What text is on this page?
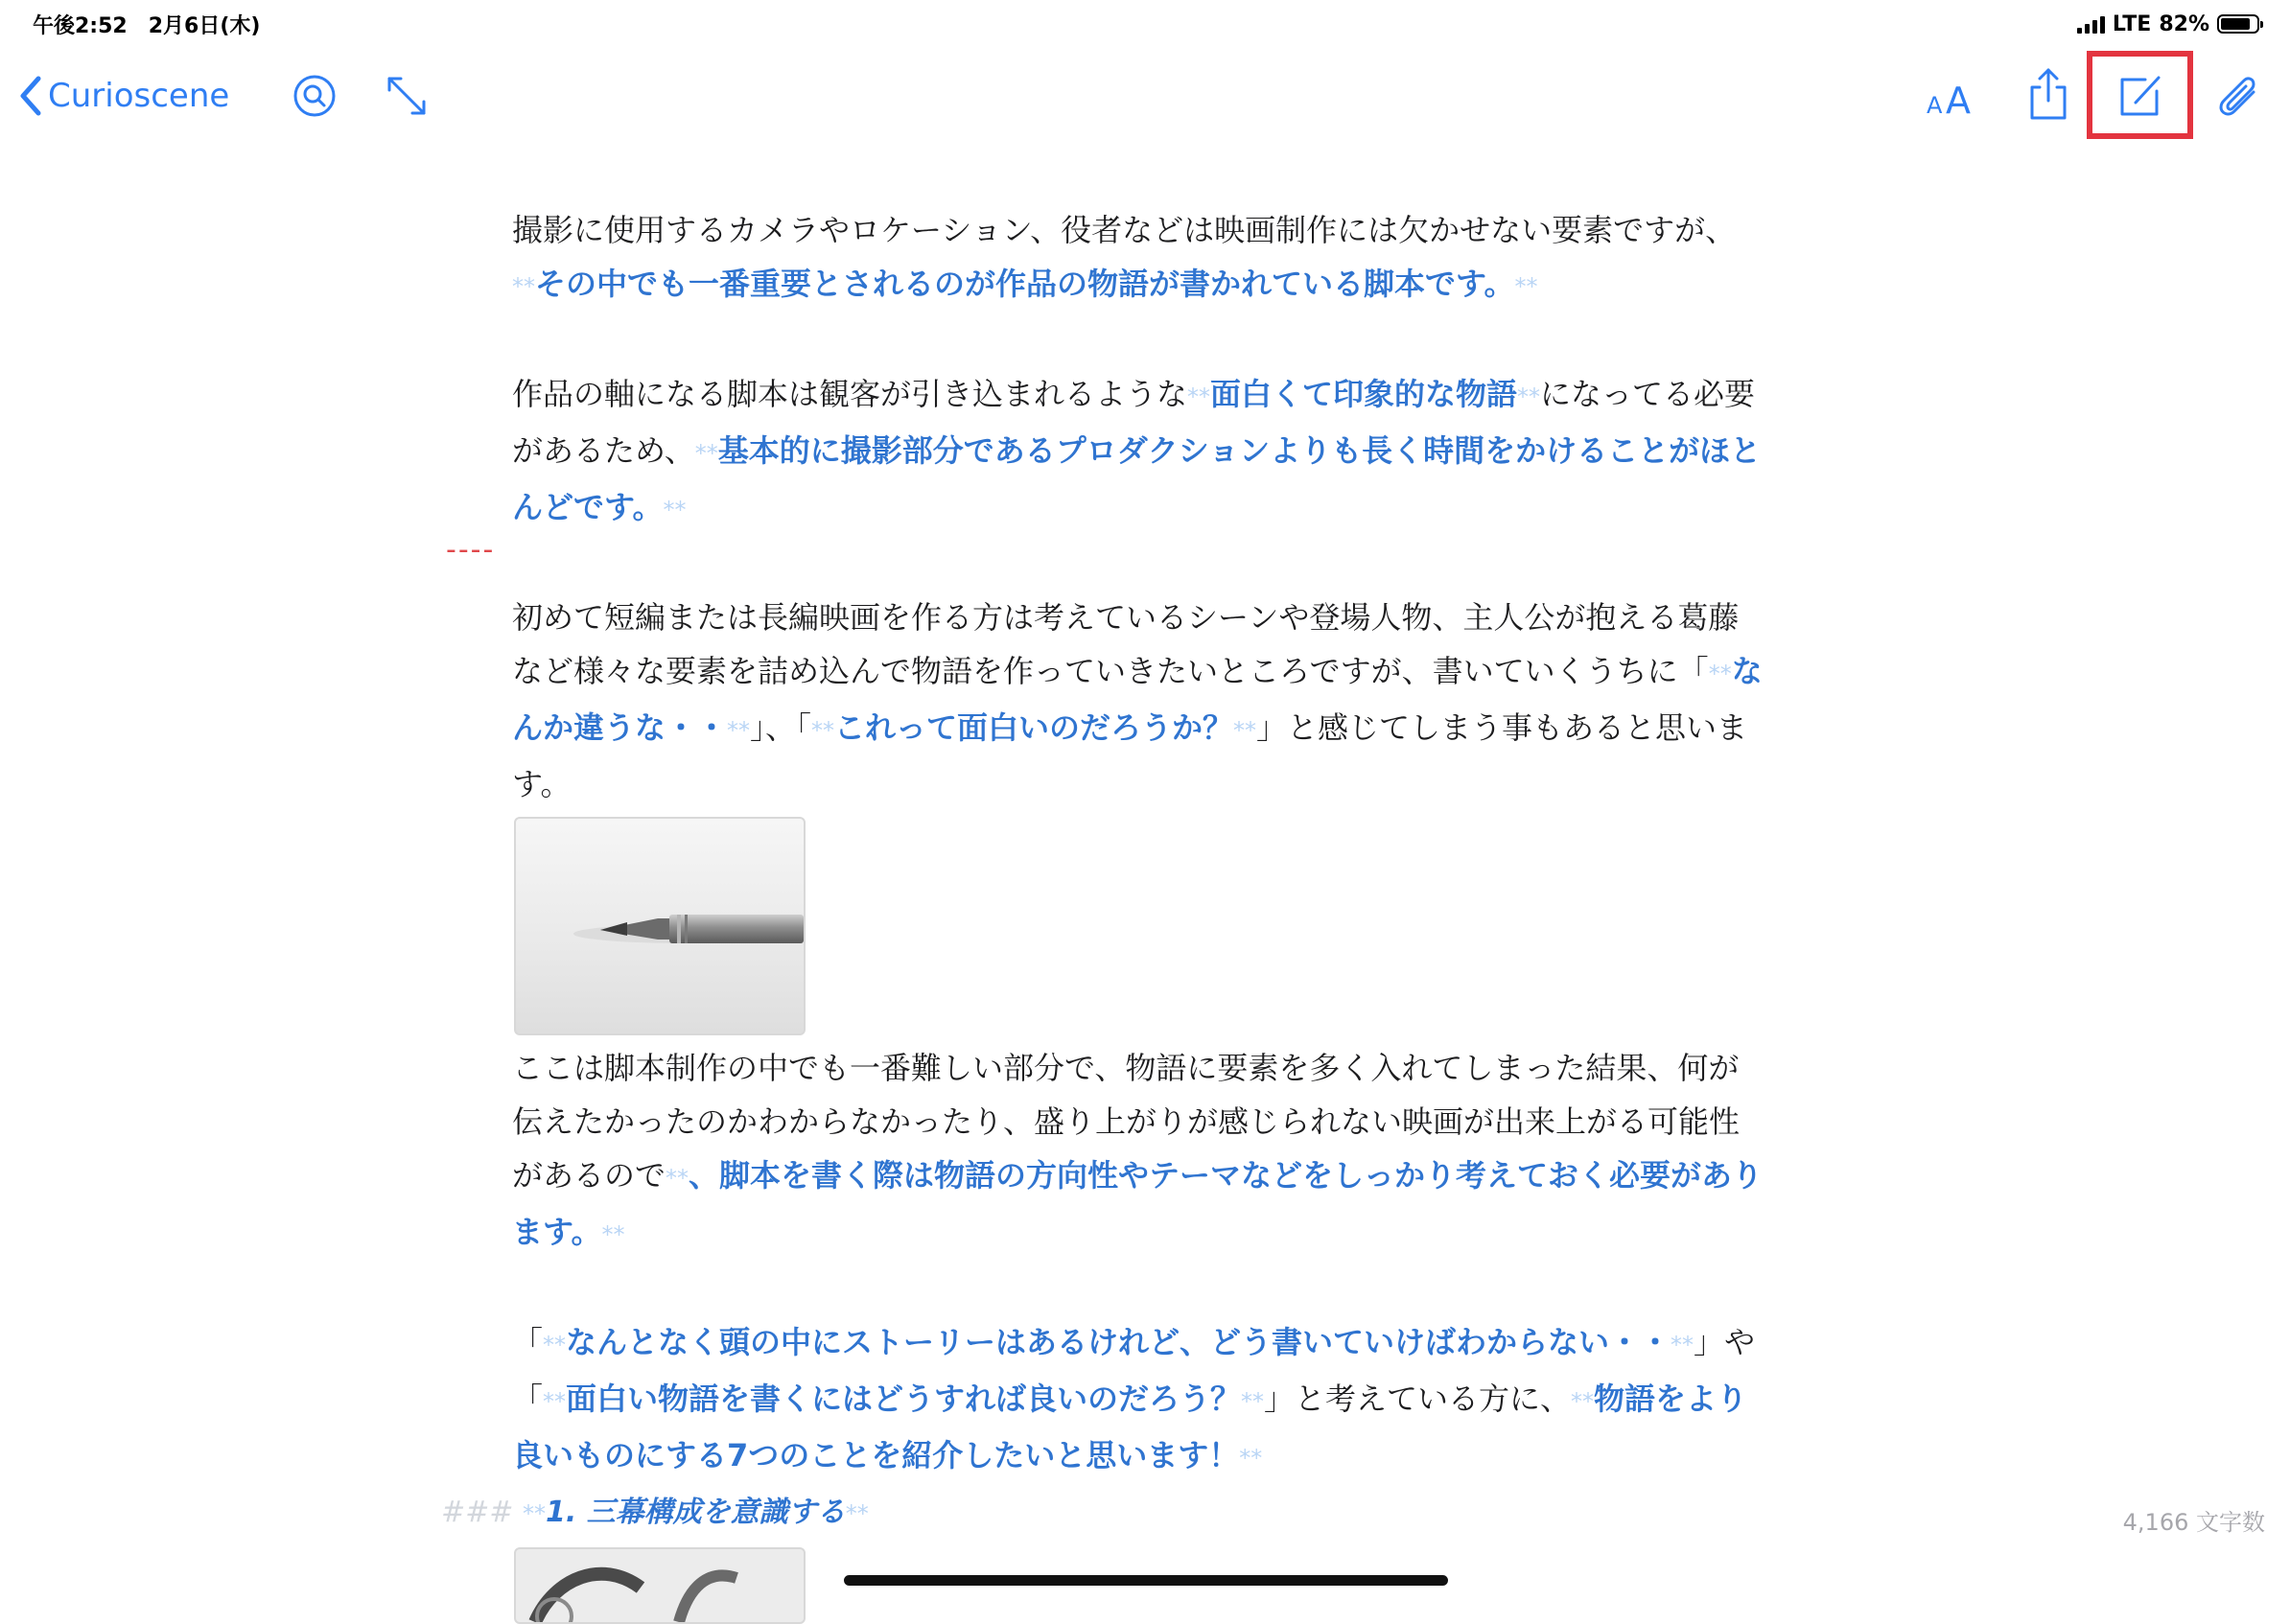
午後2:52　2月6日(木)	LTE 82%
Curioscene	A A
----

撮影に使用するカメラやロケーション、役者などは映画制作には欠かせない要素ですが、
**その中でも一番重要とされるのが作品の物語が書かれている脚本です。**

作品の軸になる脚本は観客が引き込まれるような**面白くて印象的な物語**になってる必要があるため、**基本的に撮影部分であるプロダクションよりも長く時間をかけることがほとんどです。**

初めて短編または長編映画を作る方は考えているシーンや登場人物、主人公が抱える葛藤など様々な要素を詰め込んで物語を作っていきたいところですが、書いていくうちに「**なんか違うな・・**」、「**これって面白いのだろうか？**」と感じてしまう事もあると思います。

ここは脚本制作の中でも一番難しい部分で、物語に要素を多く入れてしまった結果、何が伝えたかったのかわからなかったり、盛り上がりが感じられない映画が出来上がる可能性があるので**、脚本を書く際は物語の方向性やテーマなどをしっかり考えておく必要があります。**

「**なんとなく頭の中にストーリーはあるけれど、どう書いていけばわからない・・**」や「**面白い物語を書くにはどうすれば良いのだろう？**」と考えている方に、**物語をより良いものにする7つのことを紹介したいと思います！**

### **1. 三幕構成を意識する**	4,166 文字数
